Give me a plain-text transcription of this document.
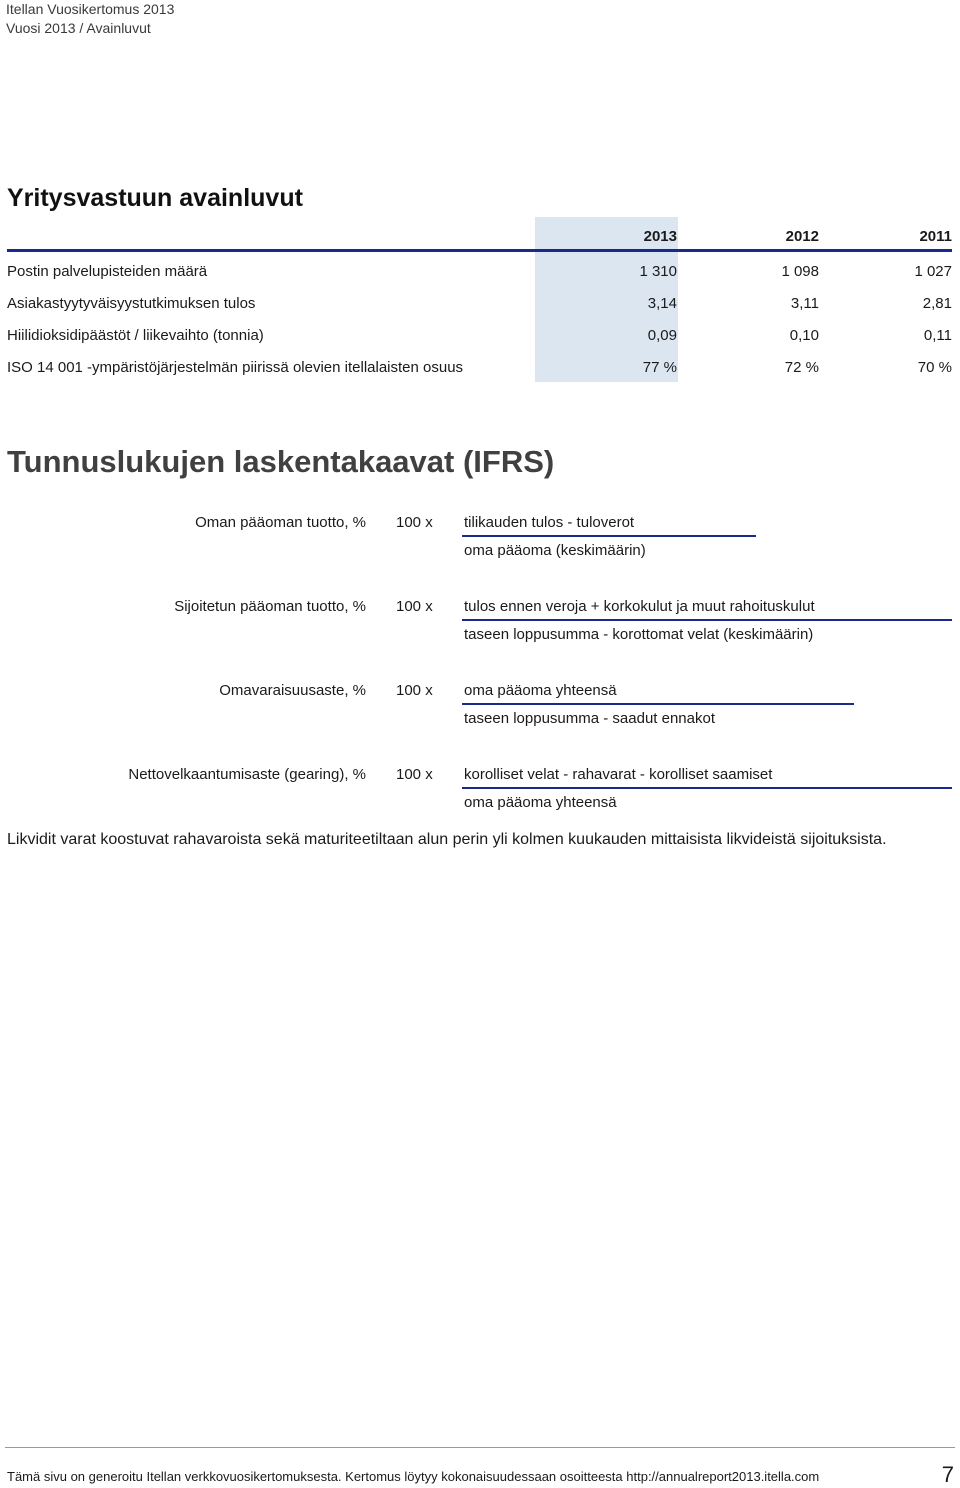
Itellan Vuosikertomus 2013
Vuosi 2013 / Avainluvut
Yritysvastuun avainluvut
2013	2012	2011
Postin palvelupisteiden määrä	1 310	1 098	1 027
Asiakastyytyväisyystutkimuksen tulos	3,14	3,11	2,81
Hiilidioksidipäästöt / liikevaihto (tonnia)	0,09	0,10	0,11
ISO 14 001 -ympäristöjärjestelmän piirissä olevien itellalaisten osuus	77 %	72 %	70 %
Tunnuslukujen laskentakaavat (IFRS)
Oman pääoman tuotto, % 100 x tilikauden tulos - tuloverot
oma pääoma (keskimäärin)
Sijoitetun pääoman tuotto, % 100 x tulos ennen veroja + korkokulut ja muut rahoituskulut
taseen loppusumma - korottomat velat (keskimäärin)
Omavaraisuusaste, % 100 x oma pääoma yhteensä
taseen loppusumma - saadut ennakot
Nettovelkaantumisaste (gearing), % 100 x korolliset velat - rahavarat - korolliset saamiset
oma pääoma yhteensä
Likvidit varat koostuvat rahavaroista sekä maturiteetiltaan alun perin yli kolmen kuukauden mittaisista likvideistä sijoituksista.
Tämä sivu on generoitu Itellan verkkovuosikertomuksesta. Kertomus löytyy kokonaisuudessaan osoitteesta http://annualreport2013.itella.com	7
